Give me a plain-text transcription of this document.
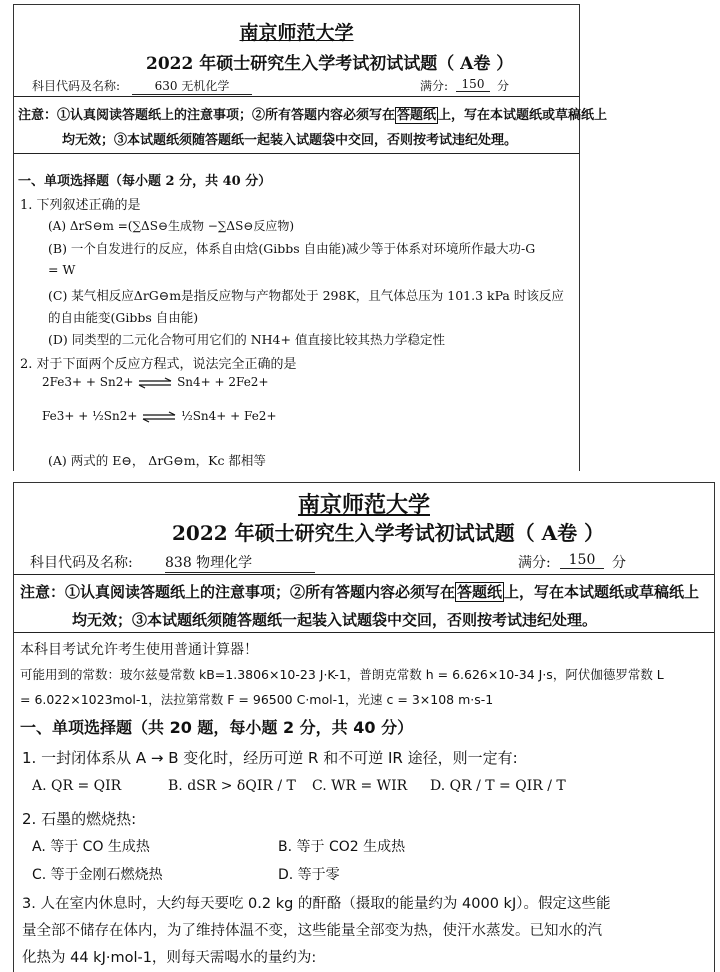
南京师范大学
2022 年硕士研究生入学考试初试试题（ A卷 ）
科目代码及名称:	630 无机化学	满分:	150	分
注意：①认真阅读答题纸上的注意事项；②所有答题内容必须写在 答题纸 上，写在本试题纸或草稿纸上
均无效；③本试题纸须随答题纸一起装入试题袋中交回，否则按考试违纪处理。
一、单项选择题（每小题 2 分，共 40 分）
1. 下列叙述正确的是
(A) ΔrS⊖m =(∑ΔS⊖生成物 −∑ΔS⊖反应物)
(B) 一个自发进行的反应，体系自由焓(Gibbs 自由能)减少等于体系对环境所作最大功-G
= W
(C) 某气相反应ΔrG⊖m是指反应物与产物都处于 298K，且气体总压为 101.3 kPa 时该反应
的自由能变(Gibbs 自由能)
(D) 同类型的二元化合物可用它们的 NH4+ 值直接比较其热力学稳定性
2. 对于下面两个反应方程式，说法完全正确的是
2Fe3+ + Sn2+ ⇌ Sn4+ + 2Fe2+
Fe3+ + ½Sn2+ ⇌ ½Sn4+ + Fe2+
(A) 两式的 E⊖， ΔrG⊖m，Kc 都相等
南京师范大学
2022 年硕士研究生入学考试初试试题（ A卷 ）
科目代码及名称: 838 物理化学	满分:	150	分
注意：①认真阅读答题纸上的注意事项；②所有答题内容必须写在 答题纸 上，写在本试题纸或草稿纸上
均无效；③本试题纸须随答题纸一起装入试题袋中交回，否则按考试违纪处理。
本科目考试允许考生使用普通计算器！
可能用到的常数：玻尔兹曼常数 kB=1.3806×10-23 J·K-1，普朗克常数 h = 6.626×10-34 J·s，阿伏伽德罗常数 L
= 6.022×1023mol-1，法拉第常数 F = 96500 C·mol-1，光速 c = 3×108 m·s-1
一、单项选择题（共 20 题，每小题 2 分，共 40 分）
1. 一封闭体系从 A → B 变化时，经历可逆 R 和不可逆 IR 途径，则一定有:
A. QR = QIR	B. dSR > δQIR / T C. WR = WIR D. QR / T = QIR / T
2. 石墨的燃烧热:
A. 等于 CO 生成热	B. 等于 CO2 生成热
C. 等于金刚石燃烧热	D. 等于零
3. 人在室内休息时，大约每天要吃 0.2 kg 的酐酪（摄取的能量约为 4000 kJ）。假定这些能
量全部不储存在体内，为了维持体温不变，这些能量全部变为热，使汗水蒸发。已知水的汽
化热为 44 kJ·mol-1，则每天需喝水的量约为:
